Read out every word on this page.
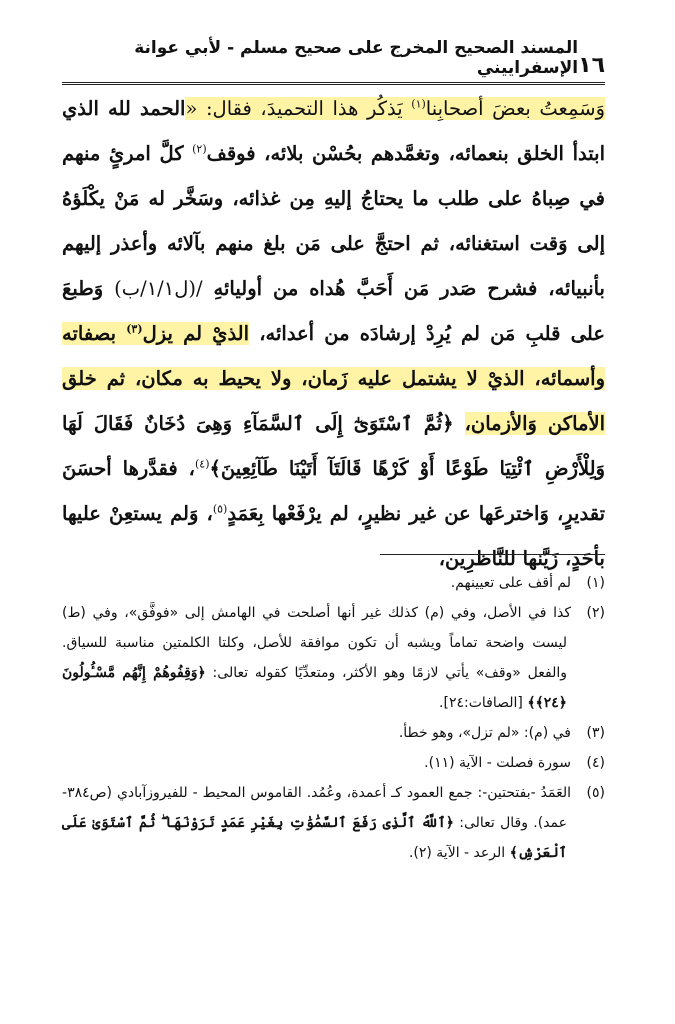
١٦
المسند الصحيح المخرج على صحيح مسلم - لأبي عوانة الإسفراييني
وَسَمِعتُ بعضَ أصحابِنا$^{(١)}$ يَذكُر هذا التحميدَ، فقال: «الحمد لله الذي ابتدأ الخلق بنعمائه، وتغمَّدهم بحُسْن بلائه، فوقف$^{(٢)}$ كلَّ امرئٍ منهم في صِباهُ على طلب ما يحتاجُ إليهِ مِن غذائه، وسَخَّر له مَنْ يكْلَؤهُ إلى وَقت استغنائه، ثم احتجَّ على مَن بلغ منهم بآلائه وأعذر إليهم بأنبيائه، فشرح صَدر مَن أَحَبَّ هُداه من أوليائهِ /(ل١/١/ب) وَطبعَ على قلبِ مَن لم يُرِدْ إرشادَه من أعدائه، الذيْ لم يزل$^{(٣)}$ بصفاته وأسمائه، الذيْ لا يشتمل عليه زَمان، ولا يحيط به مكان، ثم خلق الأماكن وَالأزمان، ﴿ثُمَّ ٱسْتَوَىٰٓ إِلَى ٱلسَّمَآءِ وَهِىَ دُخَانٌ فَقَالَ لَهَا وَلِلْأَرْضِ ٱئْتِيَا طَوْعًا أَوْ كَرْهًا قَالَتَآ أَتَيْنَا طَآئِعِينَ﴾$^{(٤)}$، فقدَّرها أحسَنَ تقديرٍ، وَاخترعَها عن غير نظيرٍ، لم يرْفَعْها بِعَمَدٍ$^{(٥)}$، وَلم يستعِنْ عليها بأحَدٍ، زَيَّنها للنَّاظرِين،

(١)لم أقف على تعيينهم.

(٢)كذا في الأصل، وفي (م) كذلك غير أنها أصلحت في الهامش إلى «فوفَّق»، وفي (ط) ليست واضحة تماماً ويشبه أن تكون موافقة للأصل، وكلتا الكلمتين مناسبة للسياق. والفعل «وقف» يأتي لازمًا وهو الأكثر، ومتعدِّيًا كقوله تعالى: ﴿وَقِفُوهُمْ إِنَّهُم مَّسْـُٔولُونَ ﴿٢٤﴾﴾ [الصافات:٢٤].

(٣)في (م): «لم تزل»، وهو خطأ.

(٤)سورة فصلت - الآية (١١).

(٥)العَمَدُ -بفتحتين-: جمع العمود كـ أعمدة، وعُمُد. القاموس المحيط - للفيروزآبادي (ص٣٨٤- عمد). وقال تعالى: ﴿ٱللَّهُ ٱلَّذِى رَفَعَ ٱلسَّمَٰوَٰتِ بِغَيْرِ عَمَدٍ تَرَوْنَهَا ۖ ثُمَّ ٱسْتَوَىٰ عَلَى ٱلْعَرْشِ﴾ الرعد - الآية (٢).
